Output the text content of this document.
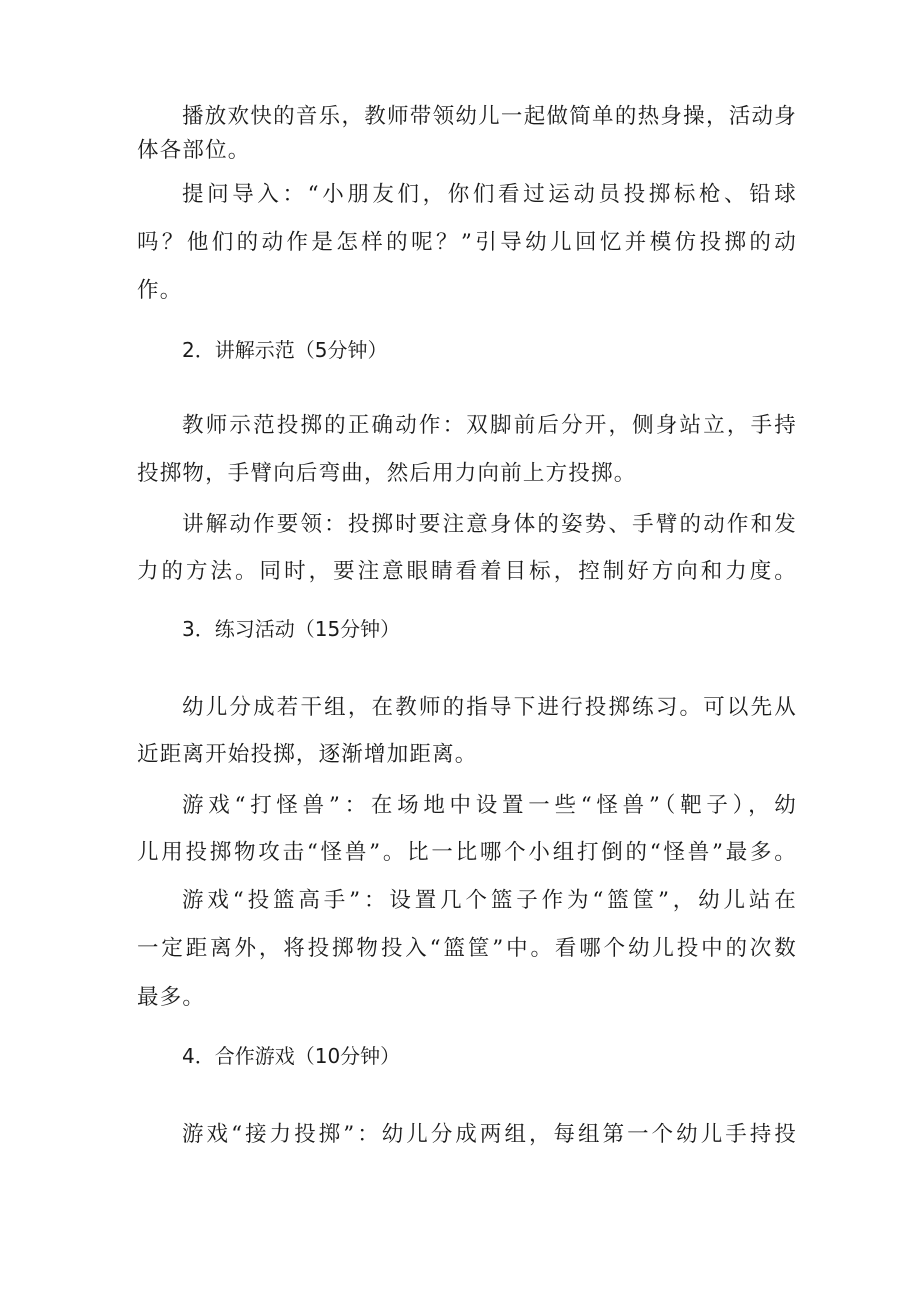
播放欢快的音乐，教师带领幼儿一起做简单的热身操，活动身
体各部位。
提问导入：“小朋友们，你们看过运动员投掷标枪、铅球
吗？他们的动作是怎样的呢？”引导幼儿回忆并模仿投掷的动
作。
2．讲解示范（5分钟）
教师示范投掷的正确动作：双脚前后分开，侧身站立，手持
投掷物，手臂向后弯曲，然后用力向前上方投掷。
讲解动作要领：投掷时要注意身体的姿势、手臂的动作和发
力的方法。同时，要注意眼睛看着目标，控制好方向和力度。
3．练习活动（15分钟）
幼儿分成若干组，在教师的指导下进行投掷练习。可以先从
近距离开始投掷，逐渐增加距离。
游戏“打怪兽”：在场地中设置一些“怪兽”（靶子），幼
儿用投掷物攻击“怪兽”。比一比哪个小组打倒的“怪兽”最多。
游戏“投篮高手”：设置几个篮子作为“篮筐”，幼儿站在
一定距离外，将投掷物投入“篮筐”中。看哪个幼儿投中的次数
最多。
4．合作游戏（10分钟）
游戏“接力投掷”：幼儿分成两组，每组第一个幼儿手持投
